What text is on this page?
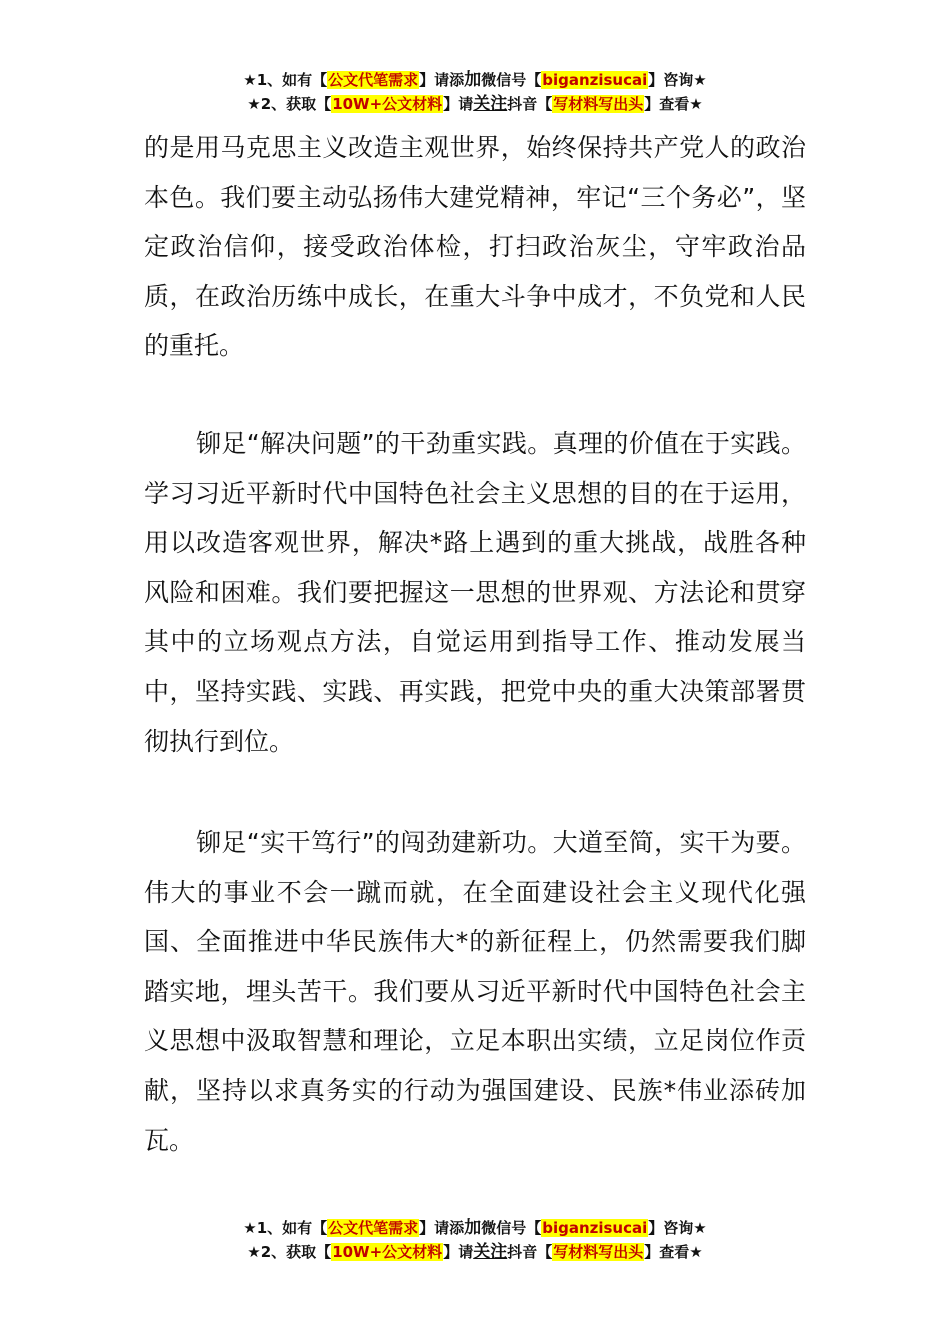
★1、如有【公文代笔需求】请添加微信号【biganzisucai】咨询★
★2、获取【10W+公文材料】请关注抖音【写材料写出头】查看★

的是用马克思主义改造主观世界，始终保持共产党人的政治本色。我们要主动弘扬伟大建党精神，牢记“三个务必”，坚定政治信仰，接受政治体检，打扫政治灰尘，守牢政治品质，在政治历练中成长，在重大斗争中成才，不负党和人民的重托。

铆足“解决问题”的干劲重实践。真理的价值在于实践。学习习近平新时代中国特色社会主义思想的目的在于运用，用以改造客观世界，解决*路上遇到的重大挑战，战胜各种风险和困难。我们要把握这一思想的世界观、方法论和贯穿其中的立场观点方法，自觉运用到指导工作、推动发展当中，坚持实践、实践、再实践，把党中央的重大决策部署贯彻执行到位。

铆足“实干笃行”的闯劲建新功。大道至简，实干为要。伟大的事业不会一蹴而就，在全面建设社会主义现代化强国、全面推进中华民族伟大*的新征程上，仍然需要我们脚踏实地，埋头苦干。我们要从习近平新时代中国特色社会主义思想中汲取智慧和理论，立足本职出实绩，立足岗位作贡献，坚持以求真务实的行动为强国建设、民族*伟业添砖加瓦。

★1、如有【公文代笔需求】请添加微信号【biganzisucai】咨询★
★2、获取【10W+公文材料】请关注抖音【写材料写出头】查看★
